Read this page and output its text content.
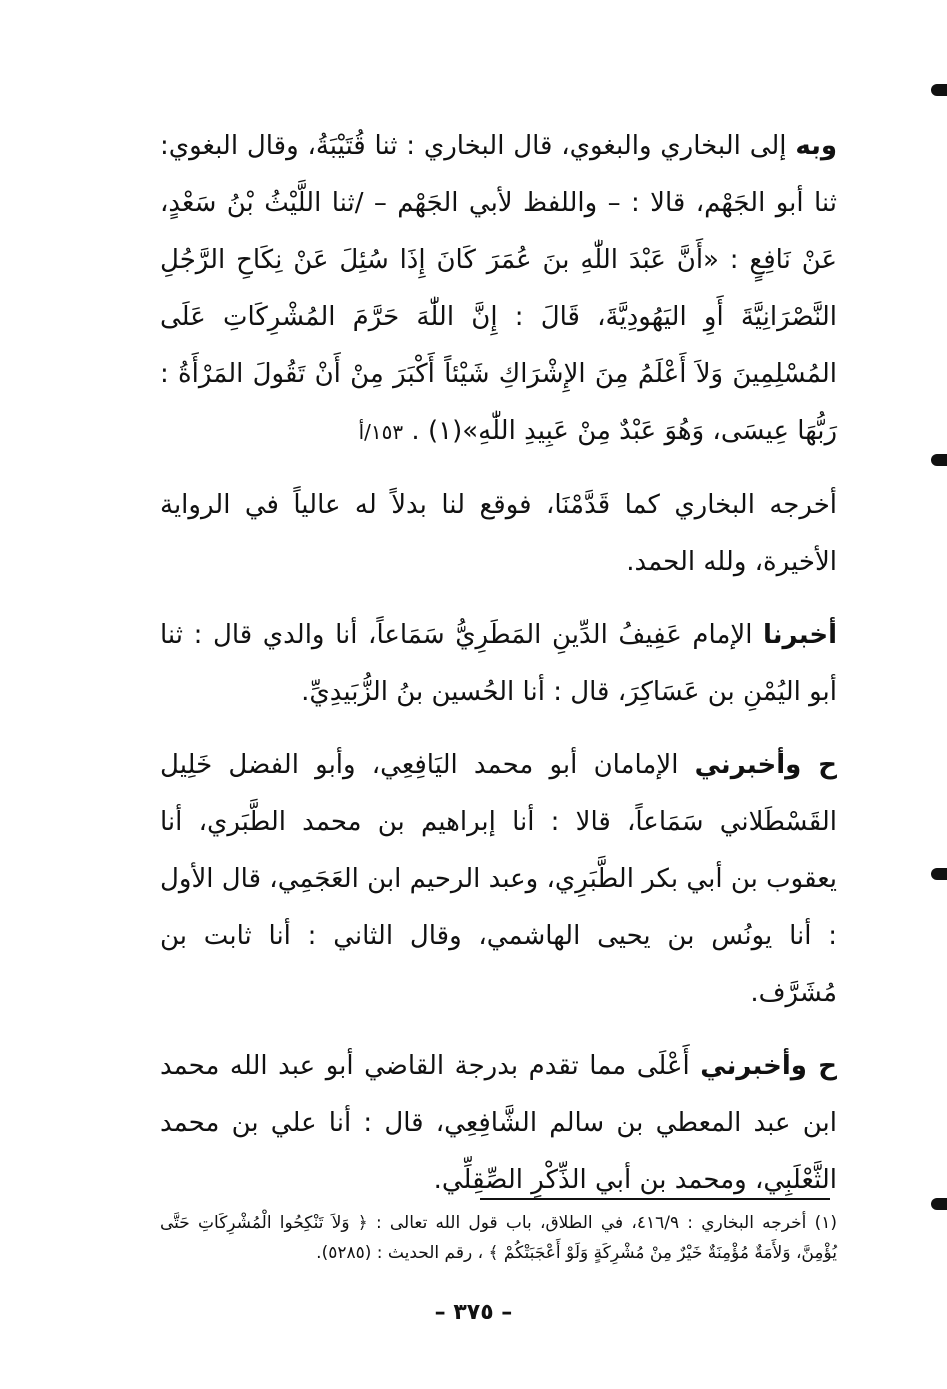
وبه إلى البخاري والبغوي، قال البخاري : ثنا قُتَيْبَةُ، وقال البغوي: ثنا أبو الجَهْم، قالا : – واللفظ لأبي الجَهْم – /ثنا اللَّيْثُ بْنُ سَعْدٍ، عَنْ نَافِعٍ : «أَنَّ عَبْدَ اللّٰهِ بنَ عُمَرَ كَانَ إِذَا سُئِلَ عَنْ نِكَاحِ الرَّجُلِ النَّصْرَانِيَّةَ أَوِ اليَهُودِيَّةَ، قَالَ : إِنَّ اللّٰهَ حَرَّمَ المُشْرِكَاتِ عَلَى المُسْلِمِينَ وَلاَ أَعْلَمُ مِنَ الإِشْرَاكِ شَيْئاً أَكْبَرَ مِنْ أَنْ تَقُولَ المَرْأَةُ : رَبُّهَا عِيسَى، وَهُوَ عَبْدٌ مِنْ عَبِيدِ اللّٰهِ»(١) . ١٥٣/أ

أخرجه البخاري كما قَدَّمْنَا، فوقع لنا بدلاً له عالياً في الرواية الأخيرة، ولله الحمد.

أخبرنا الإمام عَفِيفُ الدِّينِ المَطَرِيُّ سَمَاعاً، أنا والدي قال : ثنا أبو اليُمْنِ بن عَسَاكِرَ، قال : أنا الحُسين بنُ الزُّبَيدِيِّ.

ح وأخبرني الإمامان أبو محمد اليَافِعِي، وأبو الفضل خَلِيل القَسْطَلاني سَمَاعاً، قالا : أنا إبراهيم بن محمد الطَّبَري، أنا يعقوب بن أبي بكر الطَّبَرِي، وعبد الرحيم ابن العَجَمِي، قال الأول : أنا يونُس بن يحيى الهاشمي، وقال الثاني : أنا ثابت بن مُشَرَّف.

ح وأخبرني أَعْلَى مما تقدم بدرجة القاضي أبو عبد الله محمد ابن عبد المعطي بن سالم الشَّافِعِي، قال : أنا علي بن محمد الثَّعْلَبِي، ومحمد بن أبي الذِّكْرِ الصِّقِلِّي.

(١) أخرجه البخاري : ٤١٦/٩، في الطلاق، باب قول الله تعالى : ﴿ وَلاَ تَنْكِحُوا الْمُشْرِكَاتِ حَتَّى يُؤْمِنَّ، وَلأَمَةٌ مُؤْمِنَةٌ خَيْرٌ مِنْ مُشْرِكَةٍ وَلَوْ أَعْجَبَتْكُمْ ﴾ ، رقم الحديث : (٥٢٨٥).
– ٣٧٥ –
